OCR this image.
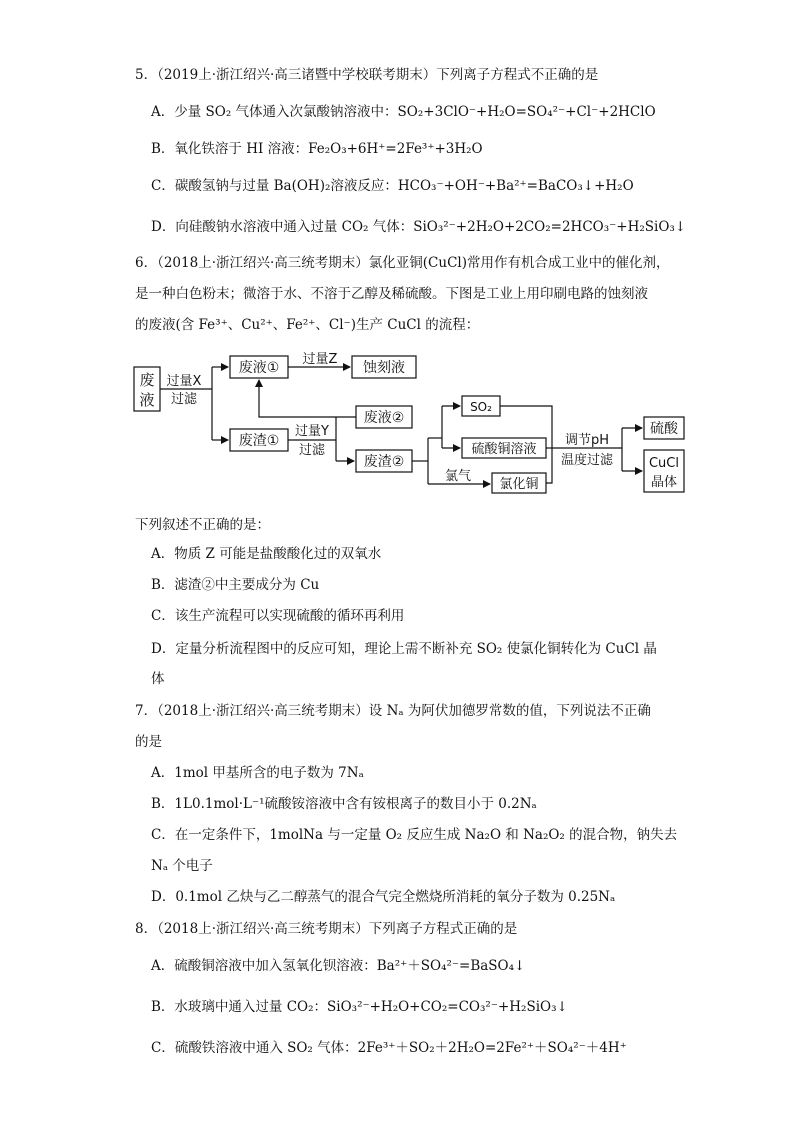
5．（2019上·浙江绍兴·高三诸暨中学校联考期末）下列离子方程式不正确的是
A．少量 SO₂ 气体通入次氯酸钠溶液中：SO₂+3ClO⁻+H₂O=SO₄²⁻+Cl⁻+2HClO
B．氧化铁溶于 HI 溶液：Fe₂O₃+6H⁺=2Fe³⁺+3H₂O
C．碳酸氢钠与过量 Ba(OH)₂溶液反应：HCO₃⁻+OH⁻+Ba²⁺=BaCO₃↓+H₂O
D．向硅酸钠水溶液中通入过量 CO₂ 气体：SiO₃²⁻+2H₂O+2CO₂=2HCO₃⁻+H₂SiO₃↓
6．（2018上·浙江绍兴·高三统考期末）氯化亚铜(CuCl)常用作有机合成工业中的催化剂，
是一种白色粉末；微溶于水、不溶于乙醇及稀硫酸。下图是工业上用印刷电路的蚀刻液
的废液(含 Fe³⁺、Cu²⁺、Fe²⁺、Cl⁻)生产 CuCl 的流程：
废
液
过量X
过滤
废液①
过量Z
蚀刻液
废渣①
过量Y
过滤
废液②
废渣②
SO₂
硫酸铜溶液
氯气
氯化铜
调节pH
温度过滤
硫酸
CuCl
晶体
下列叙述不正确的是：
A．物质 Z 可能是盐酸酸化过的双氧水
B．滤渣②中主要成分为 Cu
C．该生产流程可以实现硫酸的循环再利用
D．定量分析流程图中的反应可知，理论上需不断补充 SO₂ 使氯化铜转化为 CuCl 晶
体
7．（2018上·浙江绍兴·高三统考期末）设 Nₐ 为阿伏加德罗常数的值，下列说法不正确
的是
A．1mol 甲基所含的电子数为 7Nₐ
B．1L0.1mol·L⁻¹硫酸铵溶液中含有铵根离子的数目小于 0.2Nₐ
C．在一定条件下，1molNa 与一定量 O₂ 反应生成 Na₂O 和 Na₂O₂ 的混合物，钠失去
Nₐ 个电子
D．0.1mol 乙炔与乙二醇蒸气的混合气完全燃烧所消耗的氧分子数为 0.25Nₐ
8．（2018上·浙江绍兴·高三统考期末）下列离子方程式正确的是
A．硫酸铜溶液中加入氢氧化钡溶液：Ba²⁺＋SO₄²⁻=BaSO₄↓
B．水玻璃中通入过量 CO₂：SiO₃²⁻+H₂O+CO₂=CO₃²⁻+H₂SiO₃↓
C．硫酸铁溶液中通入 SO₂ 气体：2Fe³⁺＋SO₂＋2H₂O=2Fe²⁺＋SO₄²⁻＋4H⁺
